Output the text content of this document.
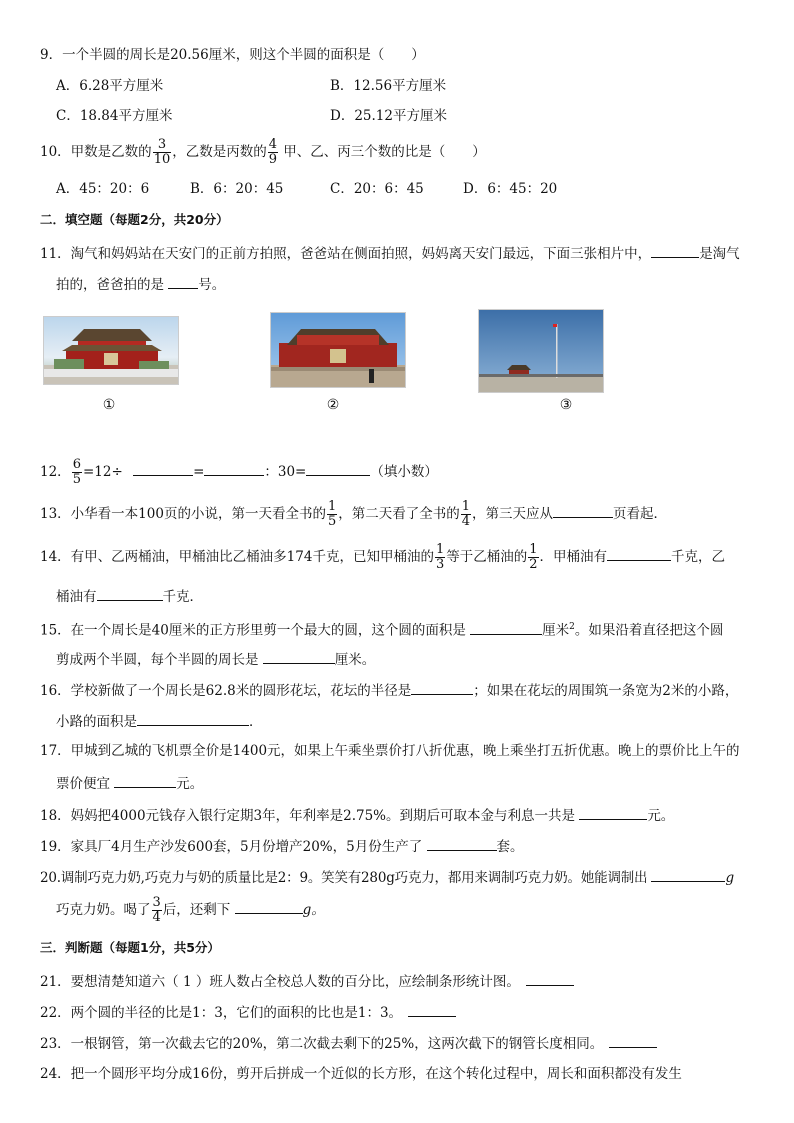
9．一个半圆的周长是20.56厘米，则这个半圆的面积是（　　）
A．6.28平方厘米	B．12.56平方厘米
C．18.84平方厘米	D．25.12平方厘米
10．甲数是乙数的 $\frac{3}{10}$ ，乙数是丙数的 $\frac{4}{9}$ 甲、乙、丙三个数的比是（　　）
A．45：20：6	B．6：20：45	C．20：6：45	D．6：45：20
二．填空题（每题2分，共20分）
11．淘气和妈妈站在天安门的正前方拍照，爸爸站在侧面拍照，妈妈离天安门最远，下面三张相片中，	是淘气
拍的，爸爸拍的是 号。
①	②	③
12． $\frac{6}{5} =12\div$	=	：30=	（填小数）
13．小华看一本100页的小说，第一天看全书的 $\frac{1}{5}$ ，第二天看了全书的 $\frac{1}{4}$ ，第三天应从	页看起．
14．有甲、乙两桶油，甲桶油比乙桶油多174千克，已知甲桶油的 $\frac{1}{3}$ 等于乙桶油的 $\frac{1}{2}$ ．甲桶油有	千克，乙
桶油有	千克．
15．在一个周长是40厘米的正方形里剪一个最大的圆，这个圆的面积是	厘米$^2$。如果沿着直径把这个圆
剪成两个半圆，每个半圆的周长是	厘米。
16．学校新做了一个周长是62.8米的圆形花坛，花坛的半径是	；如果在花坛的周围筑一条宽为2米的小路，
小路的面积是	．
17．甲城到乙城的飞机票全价是1400元，如果上午乘坐票价打八折优惠，晚上乘坐打五折优惠。晚上的票价比上午的
票价便宜	元。
18．妈妈把4000元钱存入银行定期3年，年利率是2.75%。到期后可取本金与利息一共是	元。
19．家具厂4月生产沙发600套，5月份增产20%，5月份生产了	套。
20.调制巧克力奶,巧克力与奶的质量比是2：9。笑笑有280g巧克力，都用来调制巧克力奶。她能调制出	g
巧克力奶。喝了 $\frac{3}{4}$ 后，还剩下	g。
三．判断题（每题1分，共5分）
21．要想清楚知道六（ 1 ）班人数占全校总人数的百分比，应绘制条形统计图。
22．两个圆的半径的比是1：3，它们的面积的比也是1：3。
23．一根钢管，第一次截去它的20%，第二次截去剩下的25%，这两次截下的钢管长度相同。
24．把一个圆形平均分成16份，剪开后拼成一个近似的长方形，在这个转化过程中，周长和面积都没有发生
